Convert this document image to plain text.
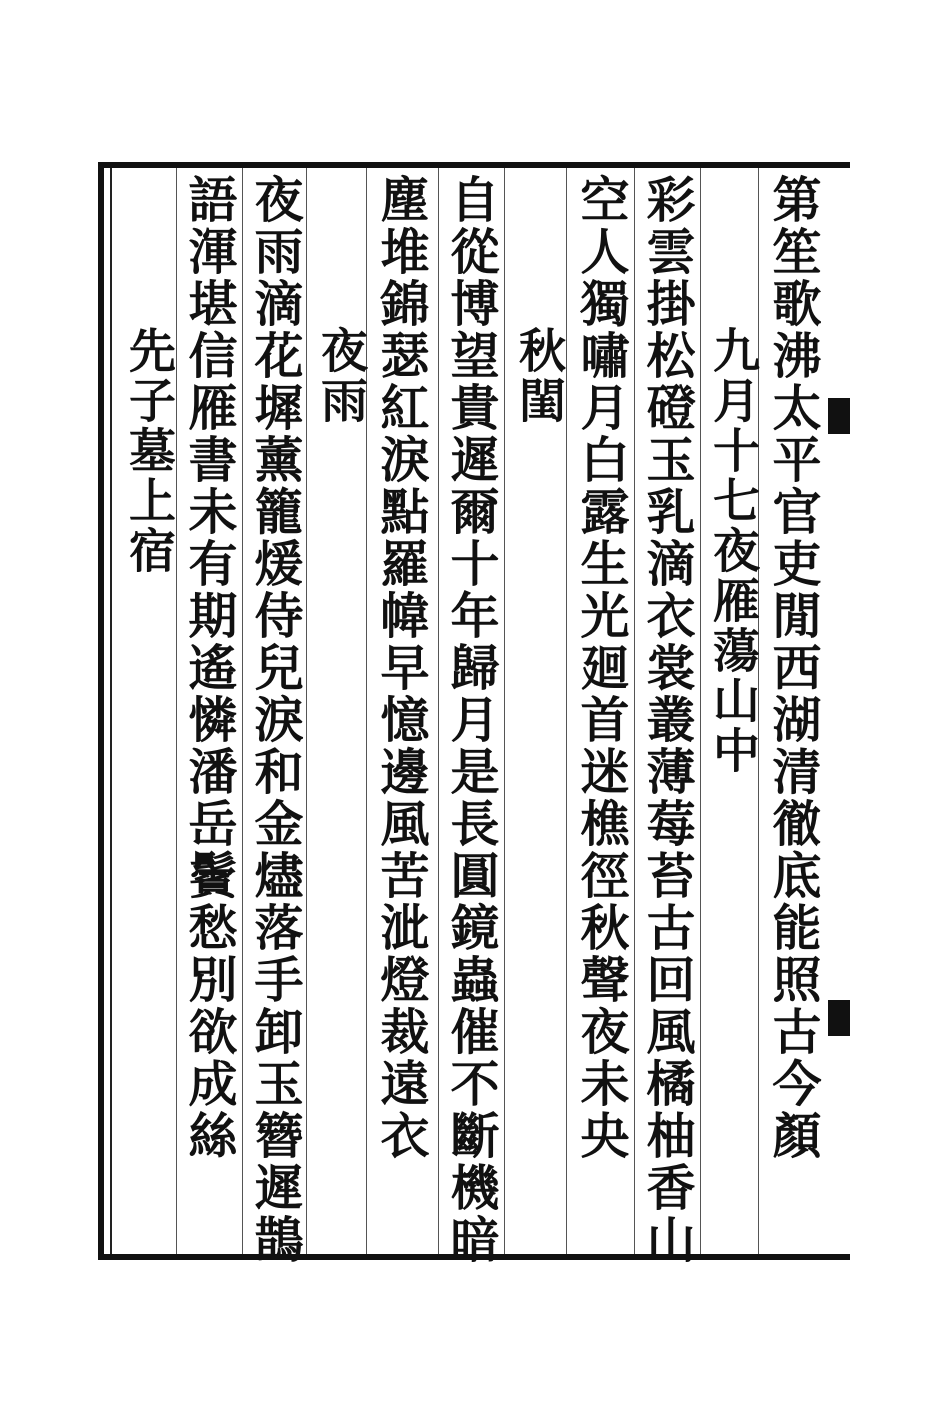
第笙歌沸太平官吏閒西湖清徹底能照古今顏
九月十七夜雁蕩山中
彩雲掛松磴玉乳滴衣裳叢薄莓苔古回風橘柚香山
空人獨嘯月白露生光廻首迷樵徑秋聲夜未央
秋閨
自從博望貴遲爾十年歸月是長圓鏡蟲催不斷機暗
塵堆錦瑟紅淚點羅幃早憶邊風苦泚燈裁遠衣
夜雨
夜雨滴花墀薰籠煖侍兒淚和金燼落手卸玉簪遲鵲
語渾堪信雁書未有期遙憐潘岳鬢愁別欲成絲
先子墓上宿
